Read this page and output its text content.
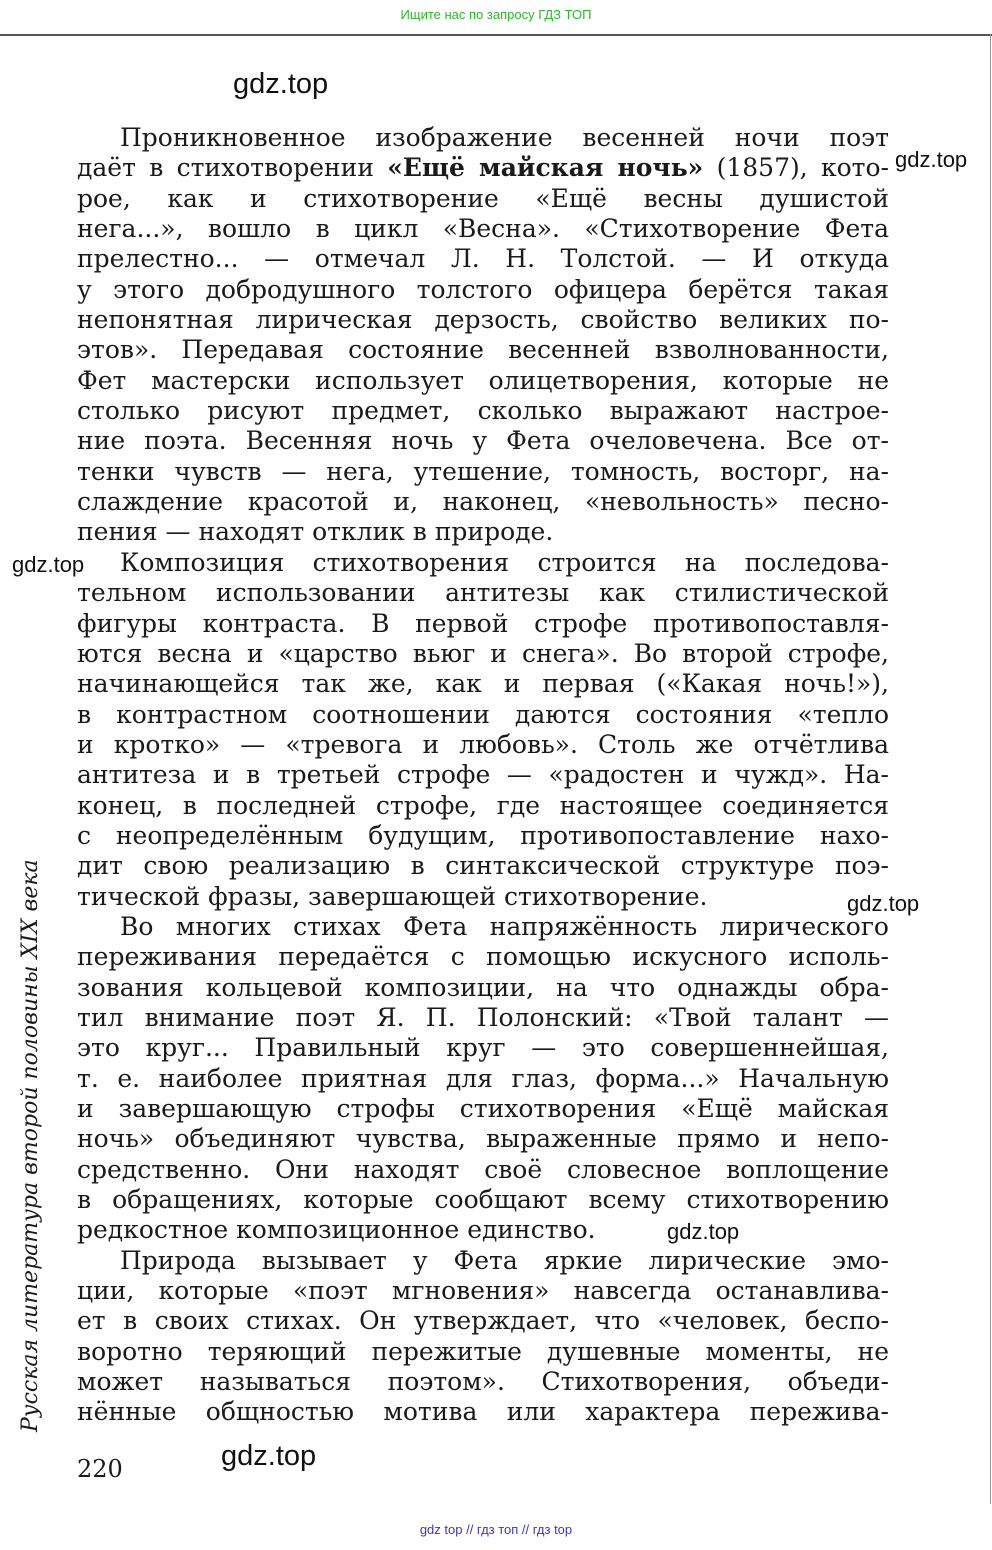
Ищите нас по запросу ГДЗ ТОП
gdz.top
gdz.top
gdz.top
gdz.top
gdz.top
gdz.top
Русская литература второй половины XIX века
Проникновенное изображение весенней ночи поэт
даёт в стихотворении «Ещё майская ночь» (1857), кото-
рое, как и стихотворение «Ещё весны душистой
нега...», вошло в цикл «Весна». «Стихотворение Фета
прелестно... — отмечал Л. Н. Толстой. — И откуда
у этого добродушного толстого офицера берётся такая
непонятная лирическая дерзость, свойство великих по-
этов». Передавая состояние весенней взволнованности,
Фет мастерски использует олицетворения, которые не
столько рисуют предмет, сколько выражают настрое-
ние поэта. Весенняя ночь у Фета очеловечена. Все от-
тенки чувств — нега, утешение, томность, восторг, на-
слаждение красотой и, наконец, «невольность» песно-
пения — находят отклик в природе.
Композиция стихотворения строится на последова-
тельном использовании антитезы как стилистической
фигуры контраста. В первой строфе противопоставля-
ются весна и «царство вьюг и снега». Во второй строфе,
начинающейся так же, как и первая («Какая ночь!»),
в контрастном соотношении даются состояния «тепло
и кротко» — «тревога и любовь». Столь же отчётлива
антитеза и в третьей строфе — «радостен и чужд». На-
конец, в последней строфе, где настоящее соединяется
с неопределённым будущим, противопоставление нахо-
дит свою реализацию в синтаксической структуре поэ-
тической фразы, завершающей стихотворение.
Во многих стихах Фета напряжённость лирического
переживания передаётся с помощью искусного исполь-
зования кольцевой композиции, на что однажды обра-
тил внимание поэт Я. П. Полонский: «Твой талант —
это круг... Правильный круг — это совершеннейшая,
т. е. наиболее приятная для глаз, форма...» Начальную
и завершающую строфы стихотворения «Ещё майская
ночь» объединяют чувства, выраженные прямо и непо-
средственно. Они находят своё словесное воплощение
в обращениях, которые сообщают всему стихотворению
редкостное композиционное единство.
Природа вызывает у Фета яркие лирические эмо-
ции, которые «поэт мгновения» навсегда останавлива-
ет в своих стихах. Он утверждает, что «человек, беспо-
воротно теряющий пережитые душевные моменты, не
может называться поэтом». Стихотворения, объеди-
нённые общностью мотива или характера пережива-
220
gdz top // гдз топ // гдз top
